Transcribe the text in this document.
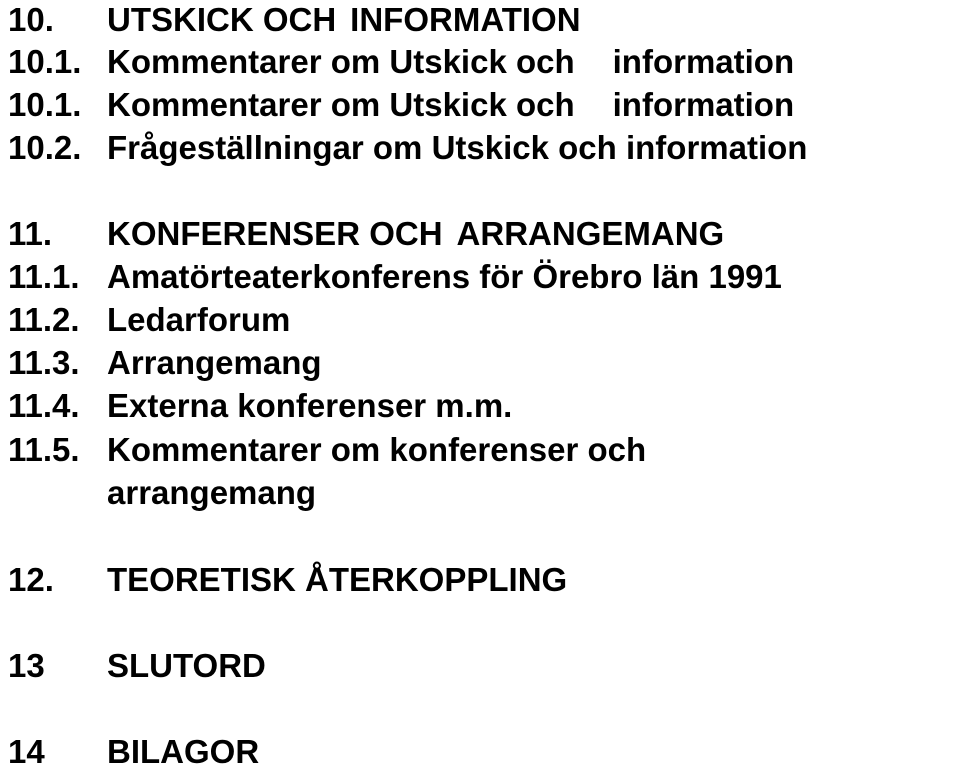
10. UTSKICK OCH INFORMATION
10.1. Kommentarer om Utskick och information
10.1. Kommentarer om Utskick och information
10.2. Frågeställningar om Utskick och information
11. KONFERENSER OCH ARRANGEMANG
11.1. Amatörteaterkonferens för Örebro län 1991
11.2. Ledarforum
11.3. Arrangemang
11.4. Externa konferenser m.m.
11.5. Kommentarer om konferenser och
arrangemang
12. TEORETISK ÅTERKOPPLING
13 SLUTORD
14 BILAGOR
